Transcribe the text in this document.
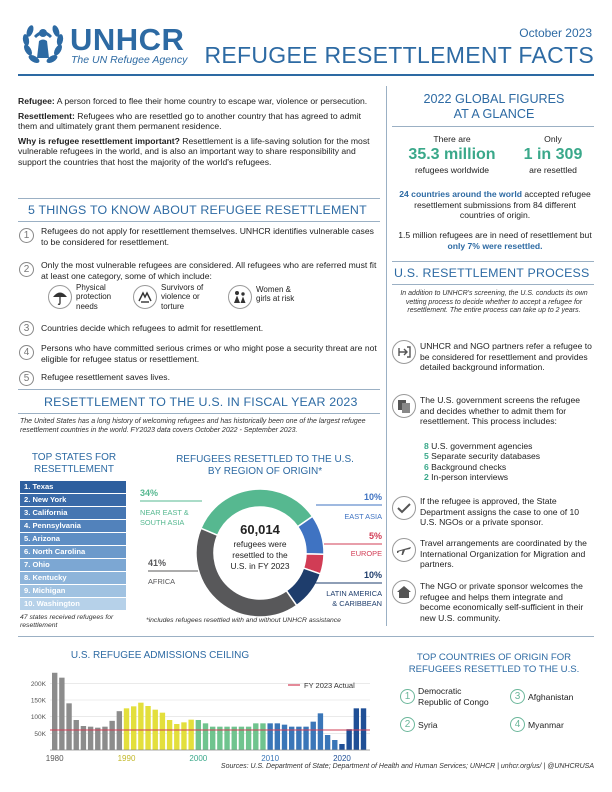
UNHCR
The UN Refugee Agency
October 2023
REFUGEE RESETTLEMENT FACTS

Refugee: A person forced to flee their home country to escape war, violence or persecution.

Resettlement: Refugees who are resettled go to another country that has agreed to admit them and ultimately grant them permanent residence.

Why is refugee resettlement important? Resettlement is a life-saving solution for the most vulnerable refugees in the world, and is also an important way to share responsibility and support the countries that host the majority of the world's refugees.

5 THINGS TO KNOW ABOUT REFUGEE RESETTLEMENT
1	Refugees do not apply for resettlement themselves. UNHCR identifies vulnerable cases to be considered for resettlement.
2	Only the most vulnerable refugees are considered. All refugees who are referred must fit at least one category, some of which include:
Physical protection needs
Survivors of violence or torture
Women & girls at risk
3	Countries decide which refugees to admit for resettlement.
4	Persons who have committed serious crimes or who might pose a security threat are not eligible for refugee status or resettlement.
5	Refugee resettlement saves lives.
2022 GLOBAL FIGURES
AT A GLANCE
There are
35.3 million
refugees worldwide
Only
1 in 309
are resettled
24 countries around the world accepted refugee resettlement submissions from 84 different countries of origin.
1.5 million refugees are in need of resettlement but only 7% were resettled.
U.S. RESETTLEMENT PROCESS
In addition to UNHCR's screening, the U.S. conducts its own vetting process to decide whether to accept a refugee for resettlement. The entire process can take up to 2 years.
UNHCR and NGO partners refer a refugee to be considered for resettlement and provides detailed background information.
The U.S. government screens the refugee and decides whether to admit them for resettlement. This process includes:
8 U.S. government agencies
5 Separate security databases
6 Background checks
2 In-person interviews
If the refugee is approved, the State Department assigns the case to one of 10 U.S. NGOs or a private sponsor.
Travel arrangements are coordinated by the International Organization for Migration and partners.
The NGO or private sponsor welcomes the refugee and helps them integrate and become economically self-sufficient in their new U.S. community.
RESETTLEMENT TO THE U.S. IN FISCAL YEAR 2023
The United States has a long history of welcoming refugees and has historically been one of the largest refugee resettlement countries in the world. FY2023 data covers October 2022 - September 2023.
TOP STATES FOR
RESETTLEMENT
1. Texas
2. New York
3. California
4. Pennsylvania
5. Arizona
6. North Carolina
7. Ohio
8. Kentucky
9. Michigan
10. Washington
47 states received refugees for resettlement
REFUGEES RESETTLED TO THE U.S.
BY REGION OF ORIGIN*
60,014
refugees were
resettled to the
U.S. in FY 2023
34%
NEAR EAST &
SOUTH ASIA
10%
EAST ASIA
5%
EUROPE
10%
LATIN AMERICA
& CARIBBEAN
41%
AFRICA
*includes refugees resettled with and without UNHCR assistance
U.S. REFUGEE ADMISSIONS CEILING
200K
150K
100K
50K
1980	1990	2000	2010	2020
FY 2023 Actual
TOP COUNTRIES OF ORIGIN FOR
REFUGEES RESETTLED TO THE U.S.
1 Democratic
Republic of Congo	3 Afghanistan
2 Syria	4 Myanmar
Sources: U.S. Department of State; Department of Health and Human Services; UNHCR | unhcr.org/us/ | @UNHCRUSA
